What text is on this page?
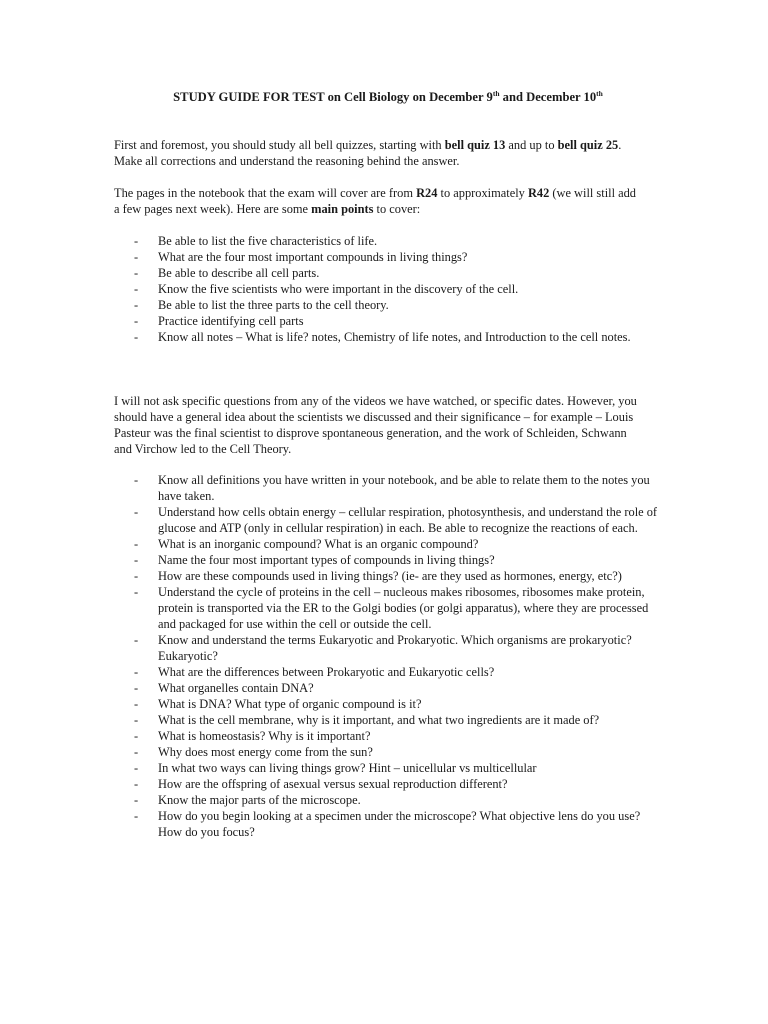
STUDY GUIDE FOR TEST on Cell Biology on December 9th and December 10th

First and foremost, you should study all bell quizzes, starting with bell quiz 13 and up to bell quiz 25. Make all corrections and understand the reasoning behind the answer.

The pages in the notebook that the exam will cover are from R24 to approximately R42 (we will still add a few pages next week). Here are some main points to cover:

- Be able to list the five characteristics of life.
- What are the four most important compounds in living things?
- Be able to describe all cell parts.
- Know the five scientists who were important in the discovery of the cell.
- Be able to list the three parts to the cell theory.
- Practice identifying cell parts
- Know all notes – What is life? notes, Chemistry of life notes, and Introduction to the cell notes.

I will not ask specific questions from any of the videos we have watched, or specific dates. However, you should have a general idea about the scientists we discussed and their significance – for example – Louis Pasteur was the final scientist to disprove spontaneous generation, and the work of Schleiden, Schwann and Virchow led to the Cell Theory.

- Know all definitions you have written in your notebook, and be able to relate them to the notes you have taken.
- Understand how cells obtain energy – cellular respiration, photosynthesis, and understand the role of glucose and ATP (only in cellular respiration) in each. Be able to recognize the reactions of each.
- What is an inorganic compound? What is an organic compound?
- Name the four most important types of compounds in living things?
- How are these compounds used in living things? (ie- are they used as hormones, energy, etc?)
- Understand the cycle of proteins in the cell – nucleous makes ribosomes, ribosomes make protein, protein is transported via the ER to the Golgi bodies (or golgi apparatus), where they are processed and packaged for use within the cell or outside the cell.
- Know and understand the terms Eukaryotic and Prokaryotic. Which organisms are prokaryotic? Eukaryotic?
- What are the differences between Prokaryotic and Eukaryotic cells?
- What organelles contain DNA?
- What is DNA? What type of organic compound is it?
- What is the cell membrane, why is it important, and what two ingredients are it made of?
- What is homeostasis? Why is it important?
- Why does most energy come from the sun?
- In what two ways can living things grow? Hint – unicellular vs multicellular
- How are the offspring of asexual versus sexual reproduction different?
- Know the major parts of the microscope.
- How do you begin looking at a specimen under the microscope? What objective lens do you use? How do you focus?
